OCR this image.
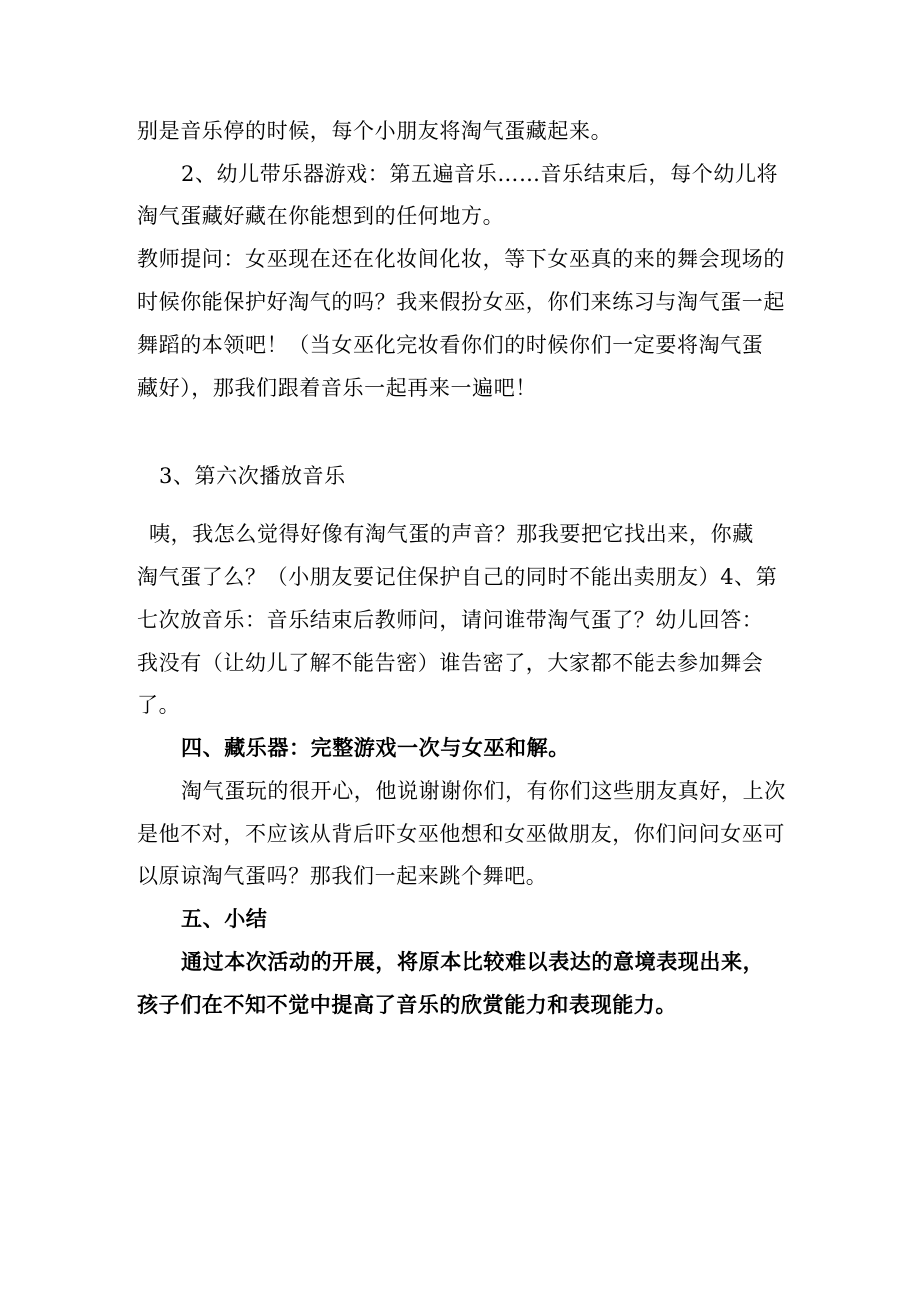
别是音乐停的时候，每个小朋友将淘气蛋藏起来。
2、幼儿带乐器游戏：第五遍音乐……音乐结束后，每个幼儿将
淘气蛋藏好藏在你能想到的任何地方。
教师提问：女巫现在还在化妆间化妆，等下女巫真的来的舞会现场的
时候你能保护好淘气的吗？我来假扮女巫，你们来练习与淘气蛋一起
舞蹈的本领吧！（当女巫化完妆看你们的时候你们一定要将淘气蛋
藏好），那我们跟着音乐一起再来一遍吧！
3、第六次播放音乐
咦，我怎么觉得好像有淘气蛋的声音？那我要把它找出来，你藏
淘气蛋了么？（小朋友要记住保护自己的同时不能出卖朋友）4、第
七次放音乐：音乐结束后教师问，请问谁带淘气蛋了？幼儿回答：
我没有（让幼儿了解不能告密）谁告密了，大家都不能去参加舞会
了。
四、藏乐器：完整游戏一次与女巫和解。
淘气蛋玩的很开心，他说谢谢你们，有你们这些朋友真好，上次
是他不对，不应该从背后吓女巫他想和女巫做朋友，你们问问女巫可
以原谅淘气蛋吗？那我们一起来跳个舞吧。
五、小结
通过本次活动的开展，将原本比较难以表达的意境表现出来，
孩子们在不知不觉中提高了音乐的欣赏能力和表现能力。
